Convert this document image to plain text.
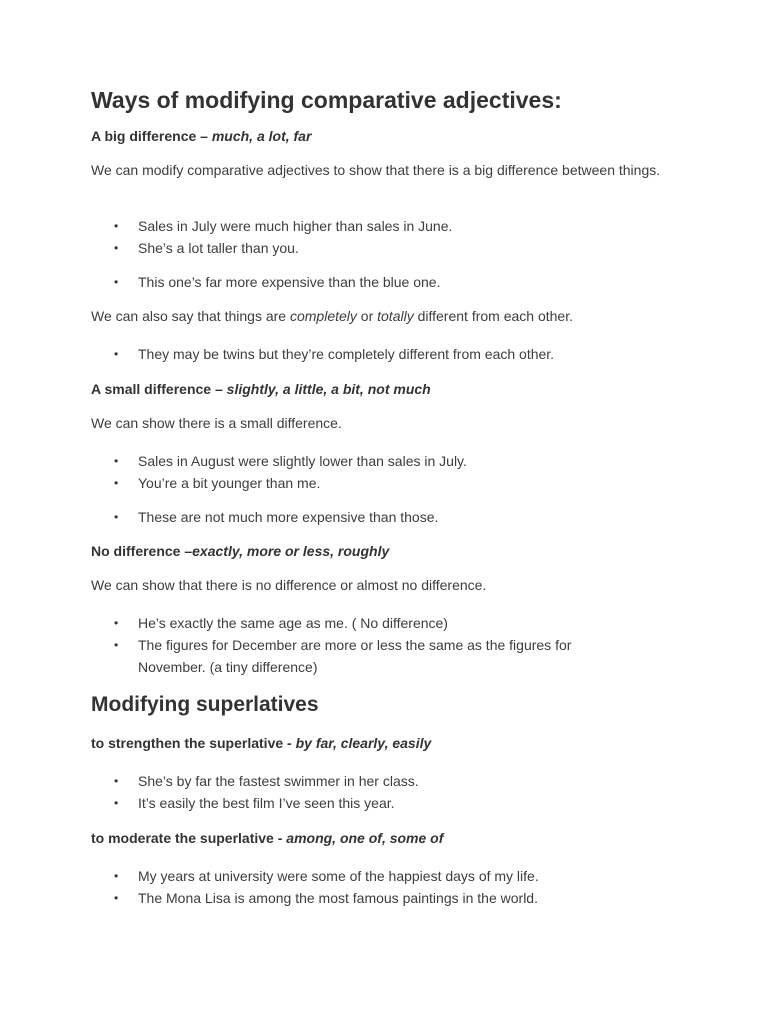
Ways of modifying comparative adjectives:
A big difference – much, a lot, far
We can modify comparative adjectives to show that there is a big difference between things.
• Sales in July were much higher than sales in June.
• She’s a lot taller than you.
• This one’s far more expensive than the blue one.
We can also say that things are completely or totally different from each other.
• They may be twins but they’re completely different from each other.
A small difference – slightly, a little, a bit, not much
We can show there is a small difference.
• Sales in August were slightly lower than sales in July.
• You’re a bit younger than me.
• These are not much more expensive than those.
No difference –exactly, more or less, roughly
We can show that there is no difference or almost no difference.
• He’s exactly the same age as me. ( No difference)
• The figures for December are more or less the same as the figures for November. (a tiny difference)
Modifying superlatives
to strengthen the superlative - by far, clearly, easily
• She’s by far the fastest swimmer in her class.
• It’s easily the best film I’ve seen this year.
to moderate the superlative - among, one of, some of
• My years at university were some of the happiest days of my life.
• The Mona Lisa is among the most famous paintings in the world.
